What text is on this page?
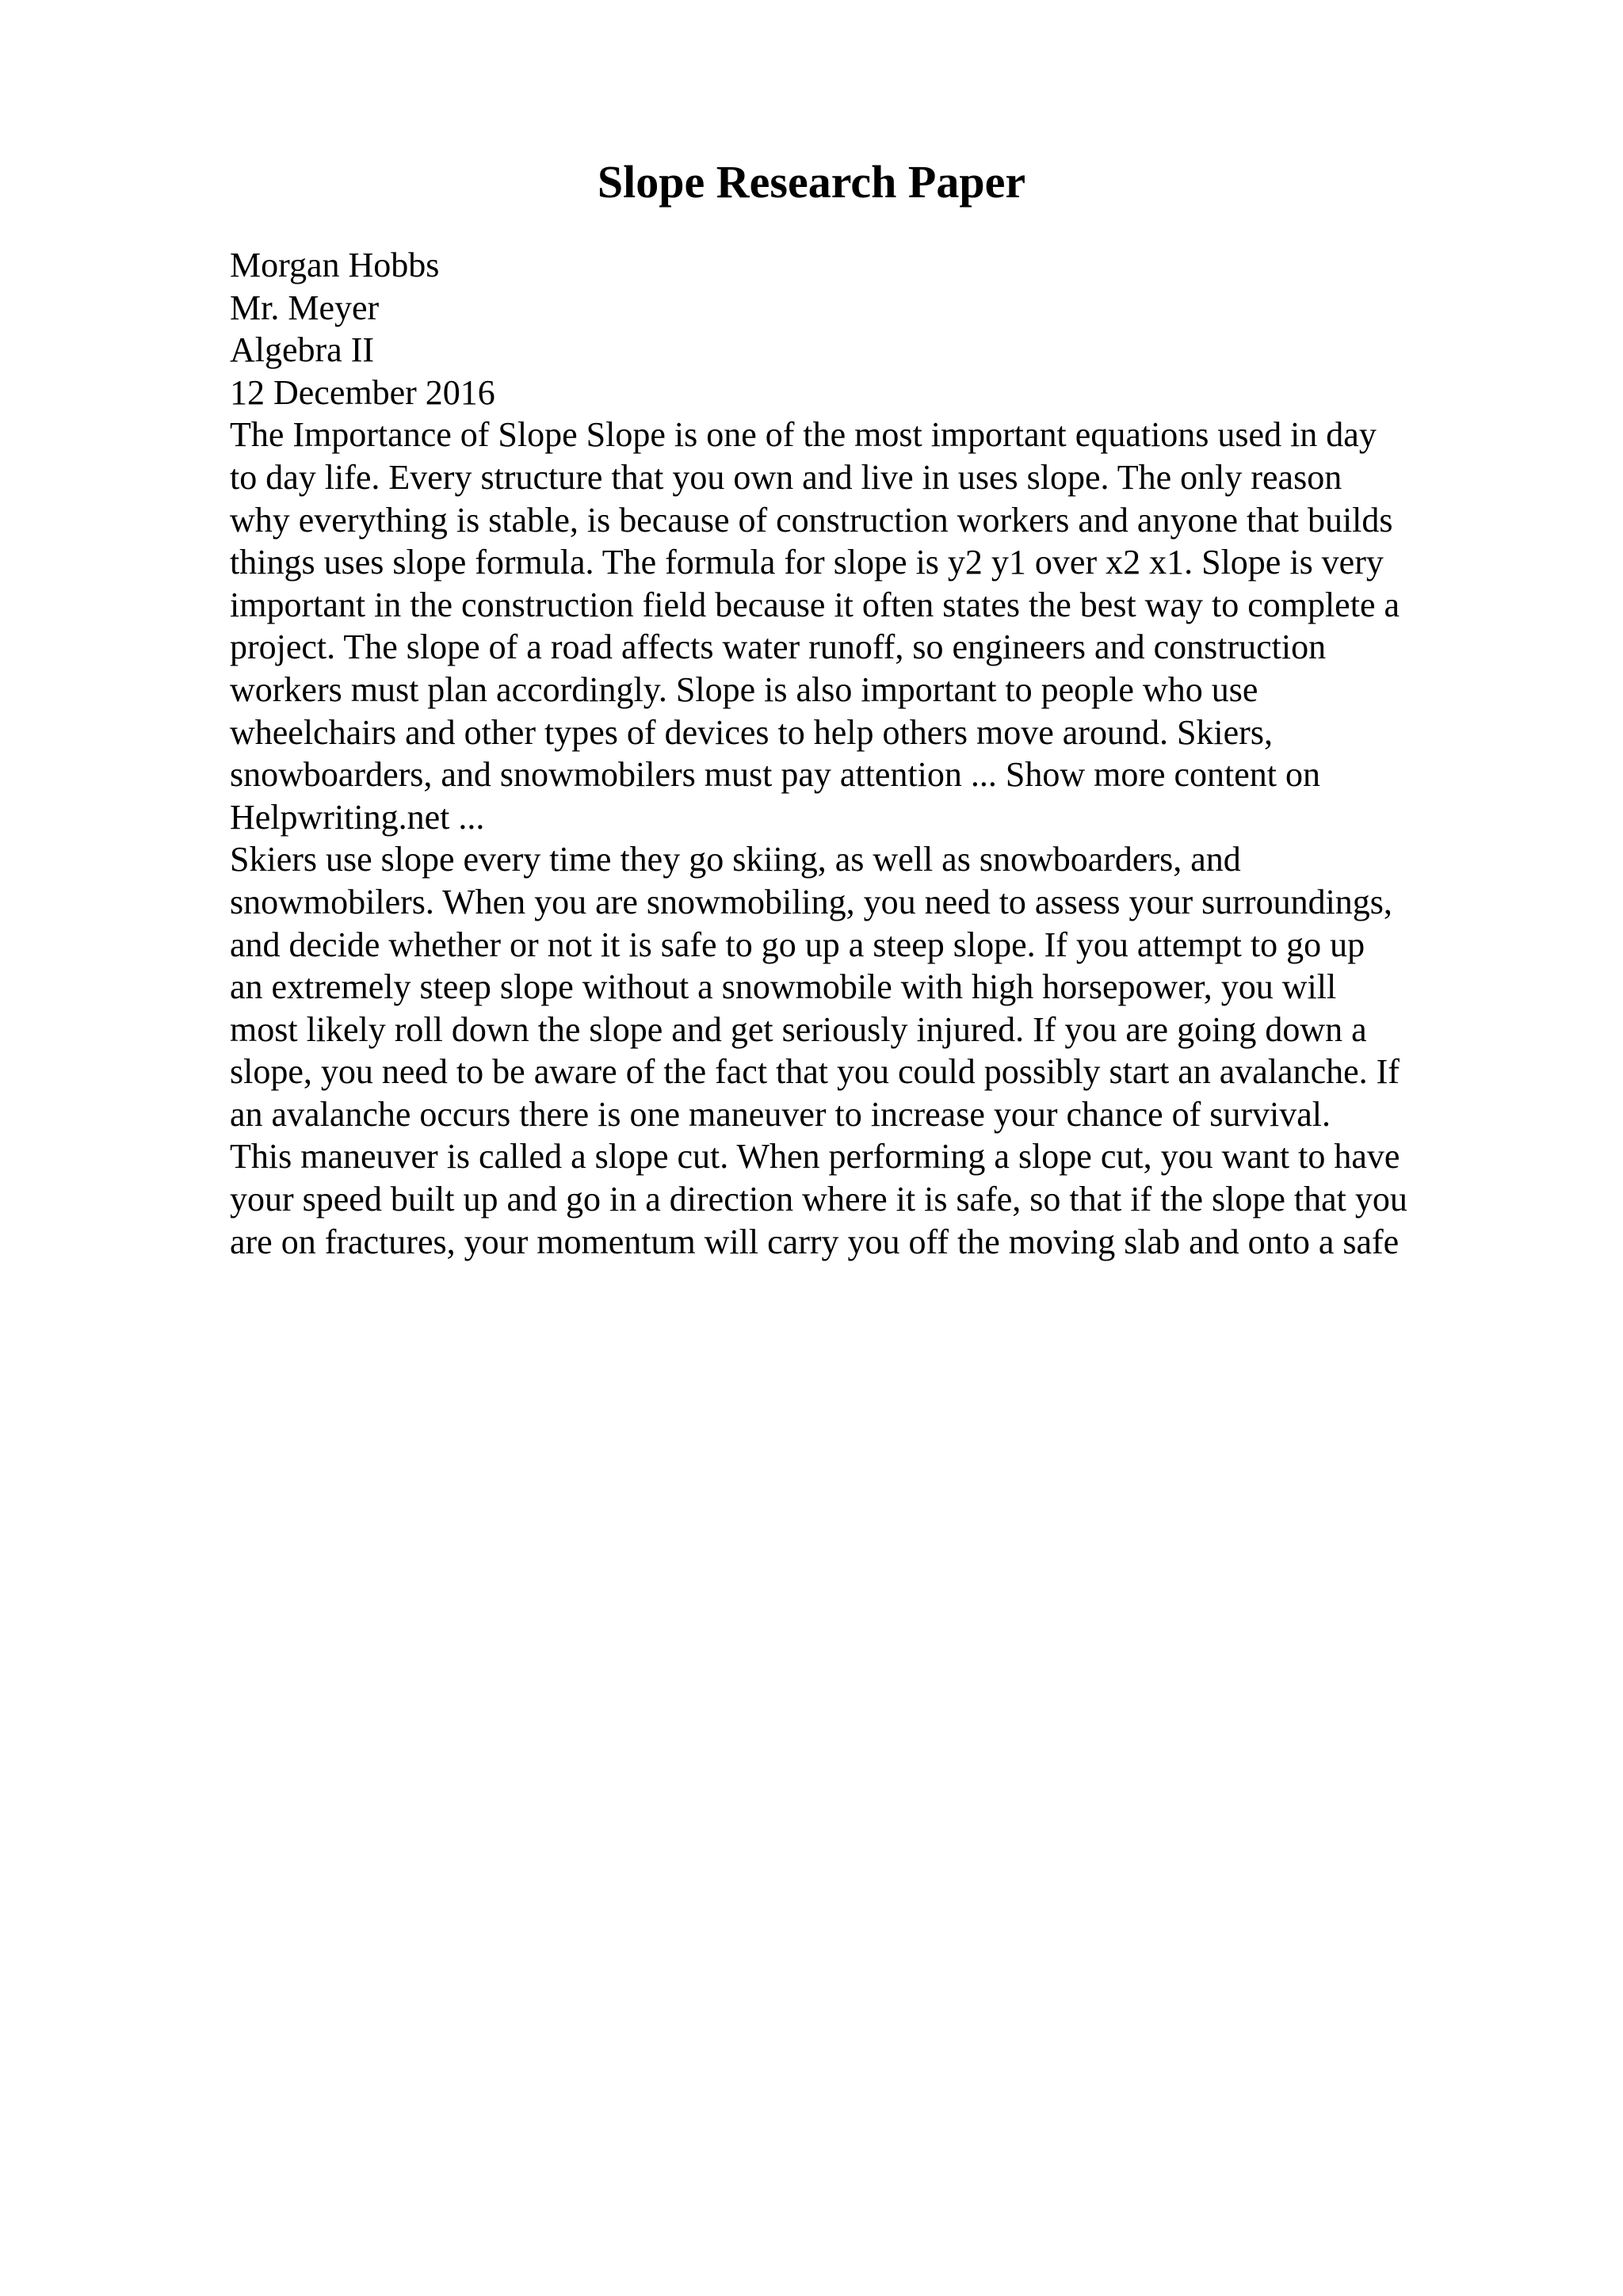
Slope Research Paper
Morgan Hobbs
Mr. Meyer
Algebra II
12 December 2016
The Importance of Slope Slope is one of the most important equations used in day
to day life. Every structure that you own and live in uses slope. The only reason
why everything is stable, is because of construction workers and anyone that builds
things uses slope formula. The formula for slope is y2 y1 over x2 x1. Slope is very
important in the construction field because it often states the best way to complete a
project. The slope of a road affects water runoff, so engineers and construction
workers must plan accordingly. Slope is also important to people who use
wheelchairs and other types of devices to help others move around. Skiers,
snowboarders, and snowmobilers must pay attention ... Show more content on
Helpwriting.net ...
Skiers use slope every time they go skiing, as well as snowboarders, and
snowmobilers. When you are snowmobiling, you need to assess your surroundings,
and decide whether or not it is safe to go up a steep slope. If you attempt to go up
an extremely steep slope without a snowmobile with high horsepower, you will
most likely roll down the slope and get seriously injured. If you are going down a
slope, you need to be aware of the fact that you could possibly start an avalanche. If
an avalanche occurs there is one maneuver to increase your chance of survival.
This maneuver is called a slope cut. When performing a slope cut, you want to have
your speed built up and go in a direction where it is safe, so that if the slope that you
are on fractures, your momentum will carry you off the moving slab and onto a safe
